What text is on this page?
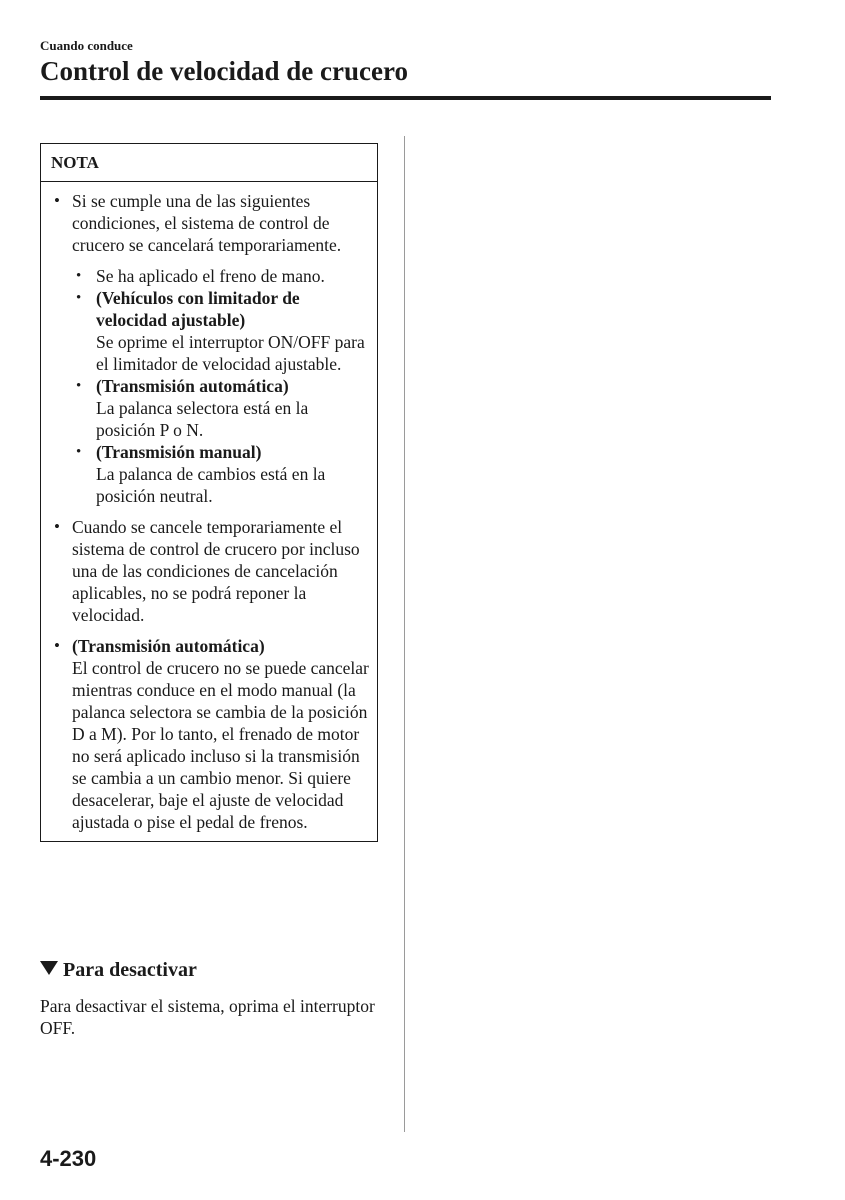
Cuando conduce
Control de velocidad de crucero
NOTA
• Si se cumple una de las siguientes condiciones, el sistema de control de crucero se cancelará temporariamente.
• Se ha aplicado el freno de mano.
• (Vehículos con limitador de velocidad ajustable)
Se oprime el interruptor ON/OFF para el limitador de velocidad ajustable.
• (Transmisión automática)
La palanca selectora está en la posición P o N.
• (Transmisión manual)
La palanca de cambios está en la posición neutral.
• Cuando se cancele temporariamente el sistema de control de crucero por incluso una de las condiciones de cancelación aplicables, no se podrá reponer la velocidad.
• (Transmisión automática)
El control de crucero no se puede cancelar mientras conduce en el modo manual (la palanca selectora se cambia de la posición D a M). Por lo tanto, el frenado de motor no será aplicado incluso si la transmisión se cambia a un cambio menor. Si quiere desacelerar, baje el ajuste de velocidad ajustada o pise el pedal de frenos.
Para desactivar
Para desactivar el sistema, oprima el interruptor OFF.
4-230
